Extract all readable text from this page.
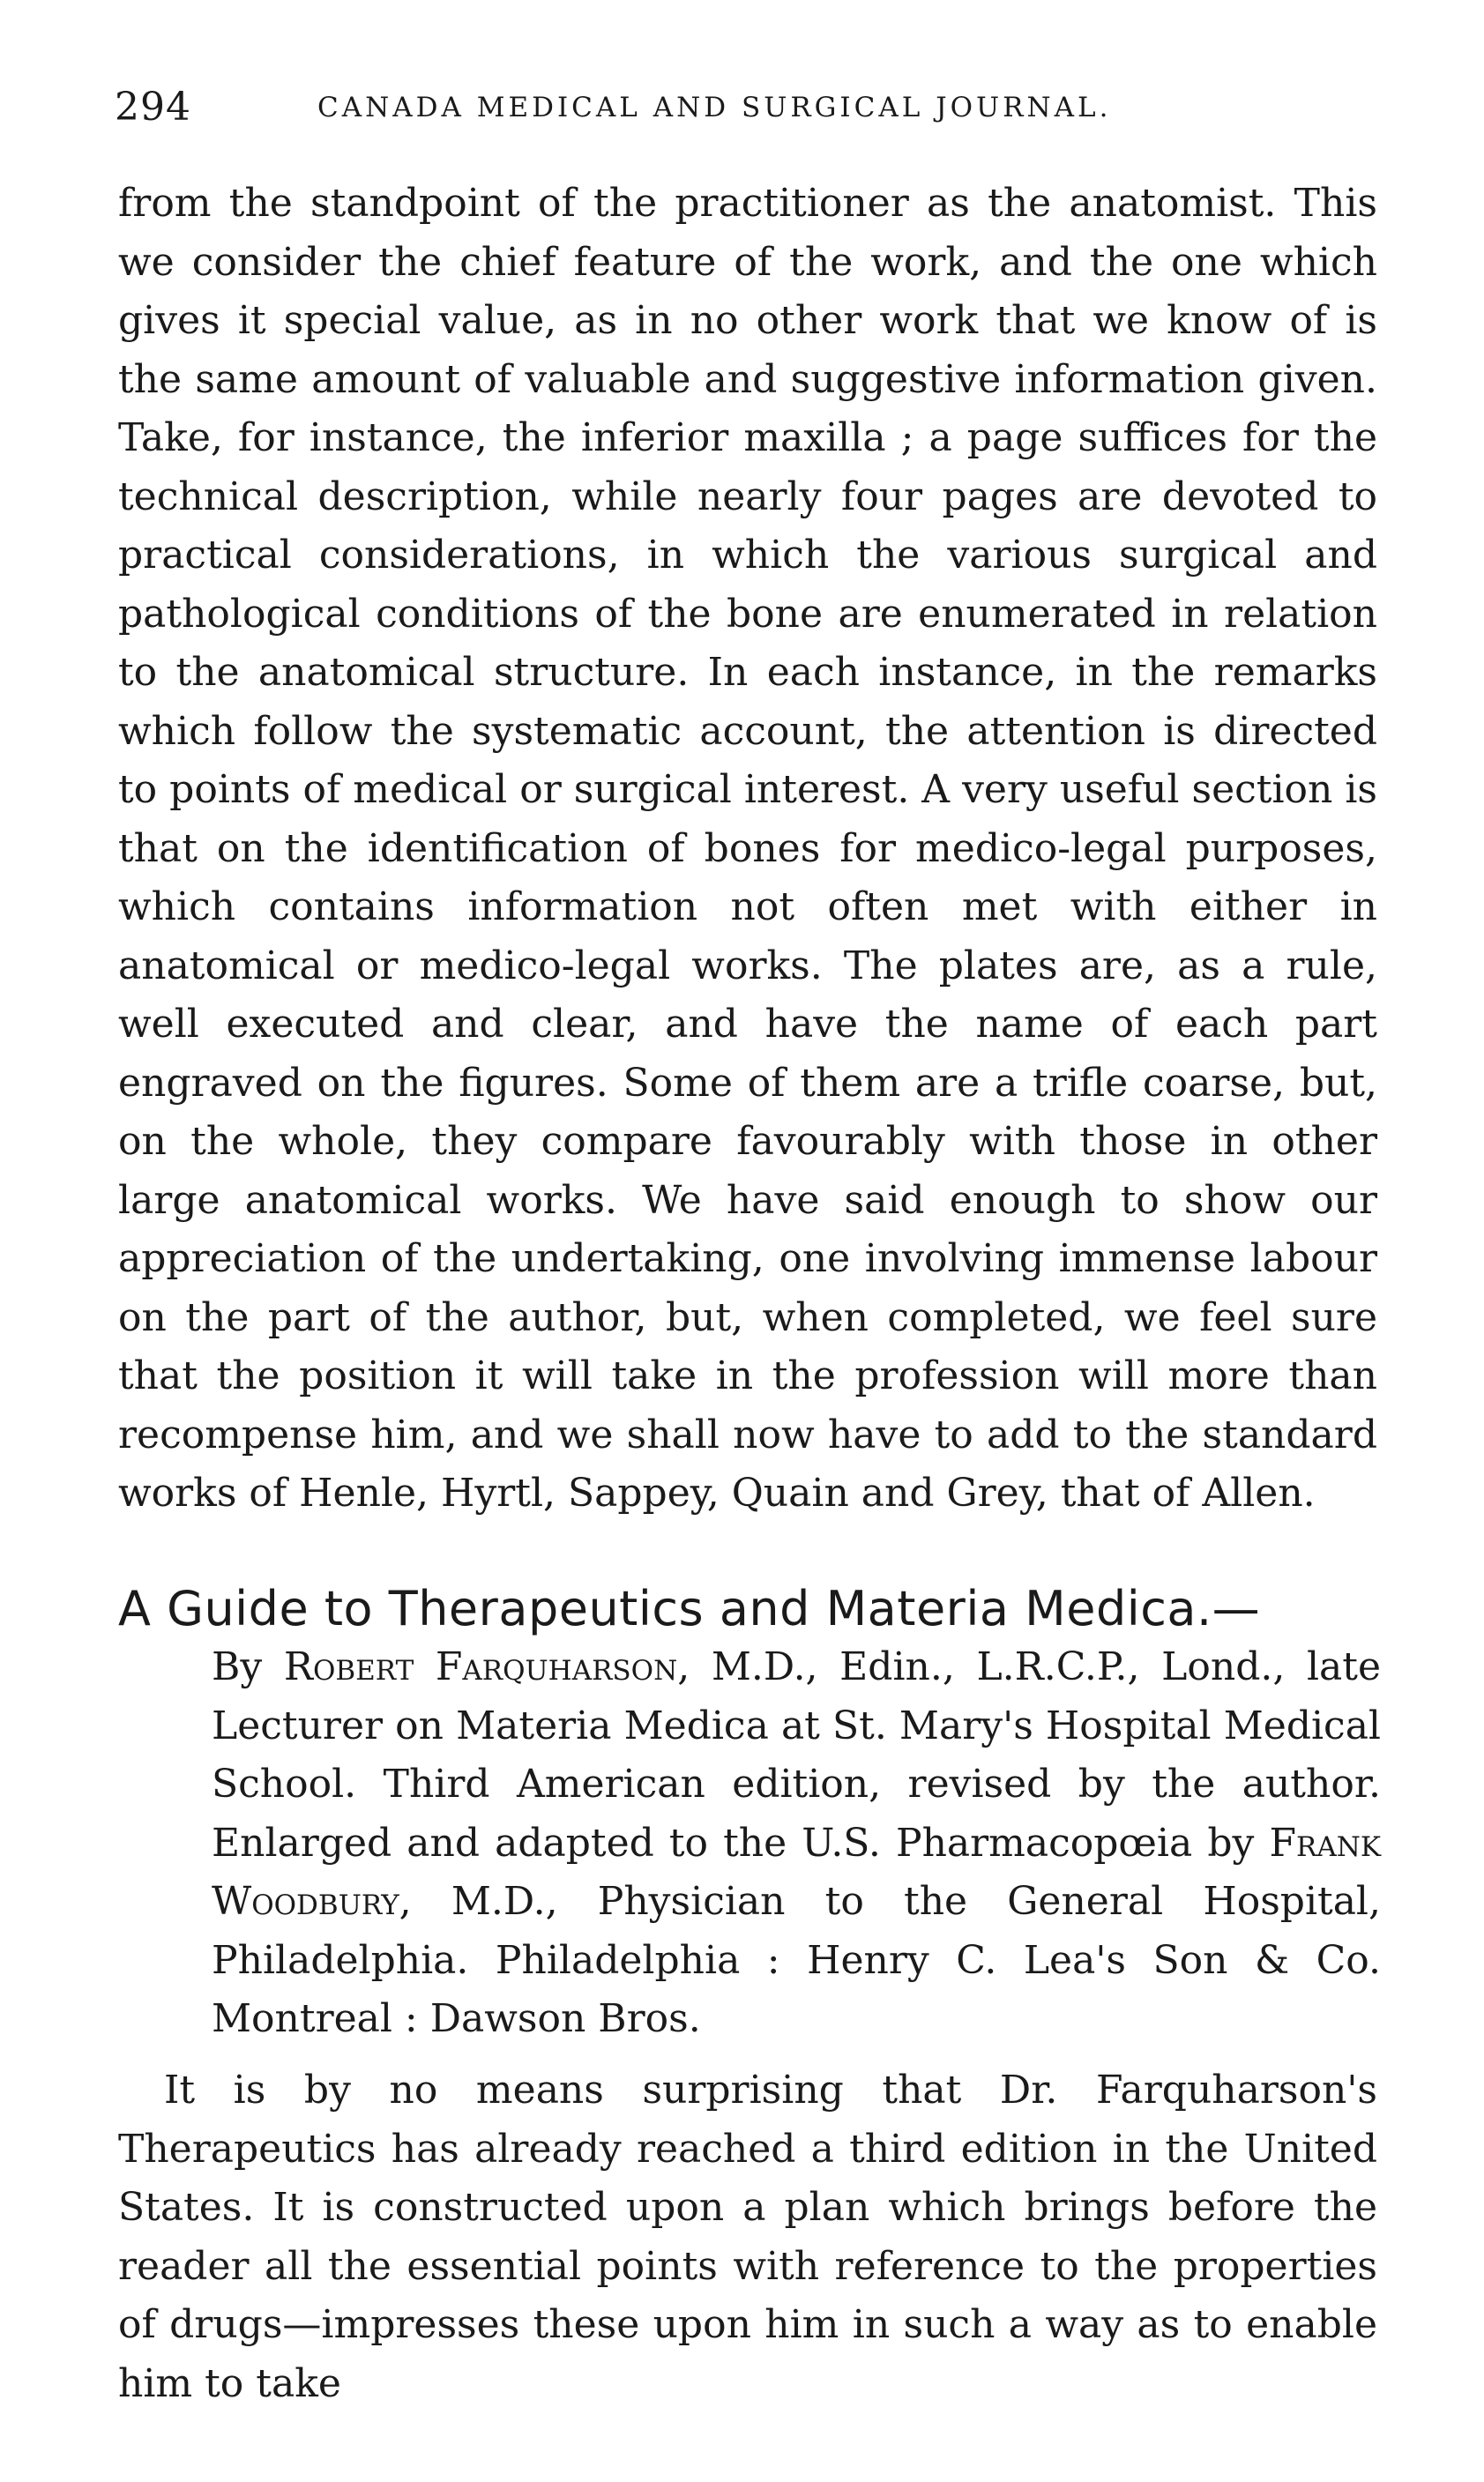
294	CANADA MEDICAL AND SURGICAL JOURNAL.

from the standpoint of the practitioner as the anatomist. This we consider the chief feature of the work, and the one which gives it special value, as in no other work that we know of is the same amount of valuable and suggestive information given. Take, for instance, the inferior maxilla ; a page suffices for the technical description, while nearly four pages are devoted to practical considerations, in which the various surgical and pathological conditions of the bone are enumerated in relation to the anatomical structure. In each instance, in the remarks which follow the systematic account, the attention is directed to points of medical or surgical interest. A very useful section is that on the identification of bones for medico-legal purposes, which contains information not often met with either in anatomical or medico-legal works. The plates are, as a rule, well executed and clear, and have the name of each part engraved on the figures. Some of them are a trifle coarse, but, on the whole, they compare favourably with those in other large anatomical works. We have said enough to show our appreciation of the undertaking, one involving immense labour on the part of the author, but, when completed, we feel sure that the position it will take in the profession will more than recompense him, and we shall now have to add to the standard works of Henle, Hyrtl, Sappey, Quain and Grey, that of Allen.

A Guide to Therapeutics and Materia Medica.—

By Robert Farquharson, M.D., Edin., L.R.C.P., Lond., late Lecturer on Materia Medica at St. Mary's Hospital Medical School. Third American edition, revised by the author. Enlarged and adapted to the U.S. Pharmacopœia by Frank Woodbury, M.D., Physician to the General Hospital, Philadelphia. Philadelphia : Henry C. Lea's Son & Co. Montreal : Dawson Bros.

It is by no means surprising that Dr. Farquharson's Therapeutics has already reached a third edition in the United States. It is constructed upon a plan which brings before the reader all the essential points with reference to the properties of drugs—impresses these upon him in such a way as to enable him to take
